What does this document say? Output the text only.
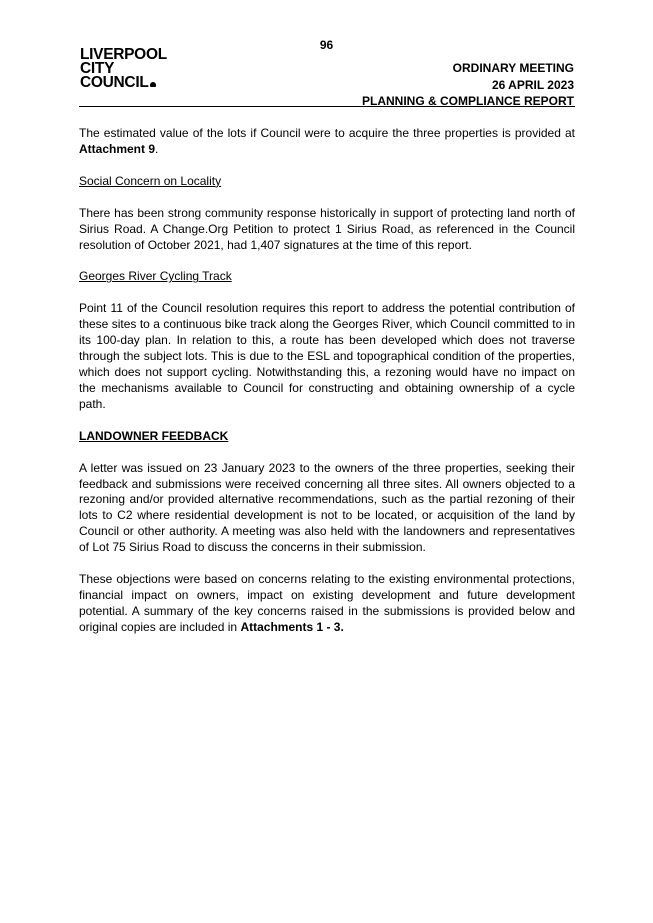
96
LIVERPOOL
CITY
COUNCIL
ORDINARY MEETING
26 APRIL 2023
PLANNING & COMPLIANCE REPORT

The estimated value of the lots if Council were to acquire the three properties is provided at Attachment 9.

Social Concern on Locality

There has been strong community response historically in support of protecting land north of Sirius Road. A Change.Org Petition to protect 1 Sirius Road, as referenced in the Council resolution of October 2021, had 1,407 signatures at the time of this report.

Georges River Cycling Track

Point 11 of the Council resolution requires this report to address the potential contribution of these sites to a continuous bike track along the Georges River, which Council committed to in its 100-day plan. In relation to this, a route has been developed which does not traverse through the subject lots. This is due to the ESL and topographical condition of the properties, which does not support cycling. Notwithstanding this, a rezoning would have no impact on the mechanisms available to Council for constructing and obtaining ownership of a cycle path.

LANDOWNER FEEDBACK

A letter was issued on 23 January 2023 to the owners of the three properties, seeking their feedback and submissions were received concerning all three sites. All owners objected to a rezoning and/or provided alternative recommendations, such as the partial rezoning of their lots to C2 where residential development is not to be located, or acquisition of the land by Council or other authority. A meeting was also held with the landowners and representatives of Lot 75 Sirius Road to discuss the concerns in their submission.

These objections were based on concerns relating to the existing environmental protections, financial impact on owners, impact on existing development and future development potential. A summary of the key concerns raised in the submissions is provided below and original copies are included in Attachments 1 - 3.
